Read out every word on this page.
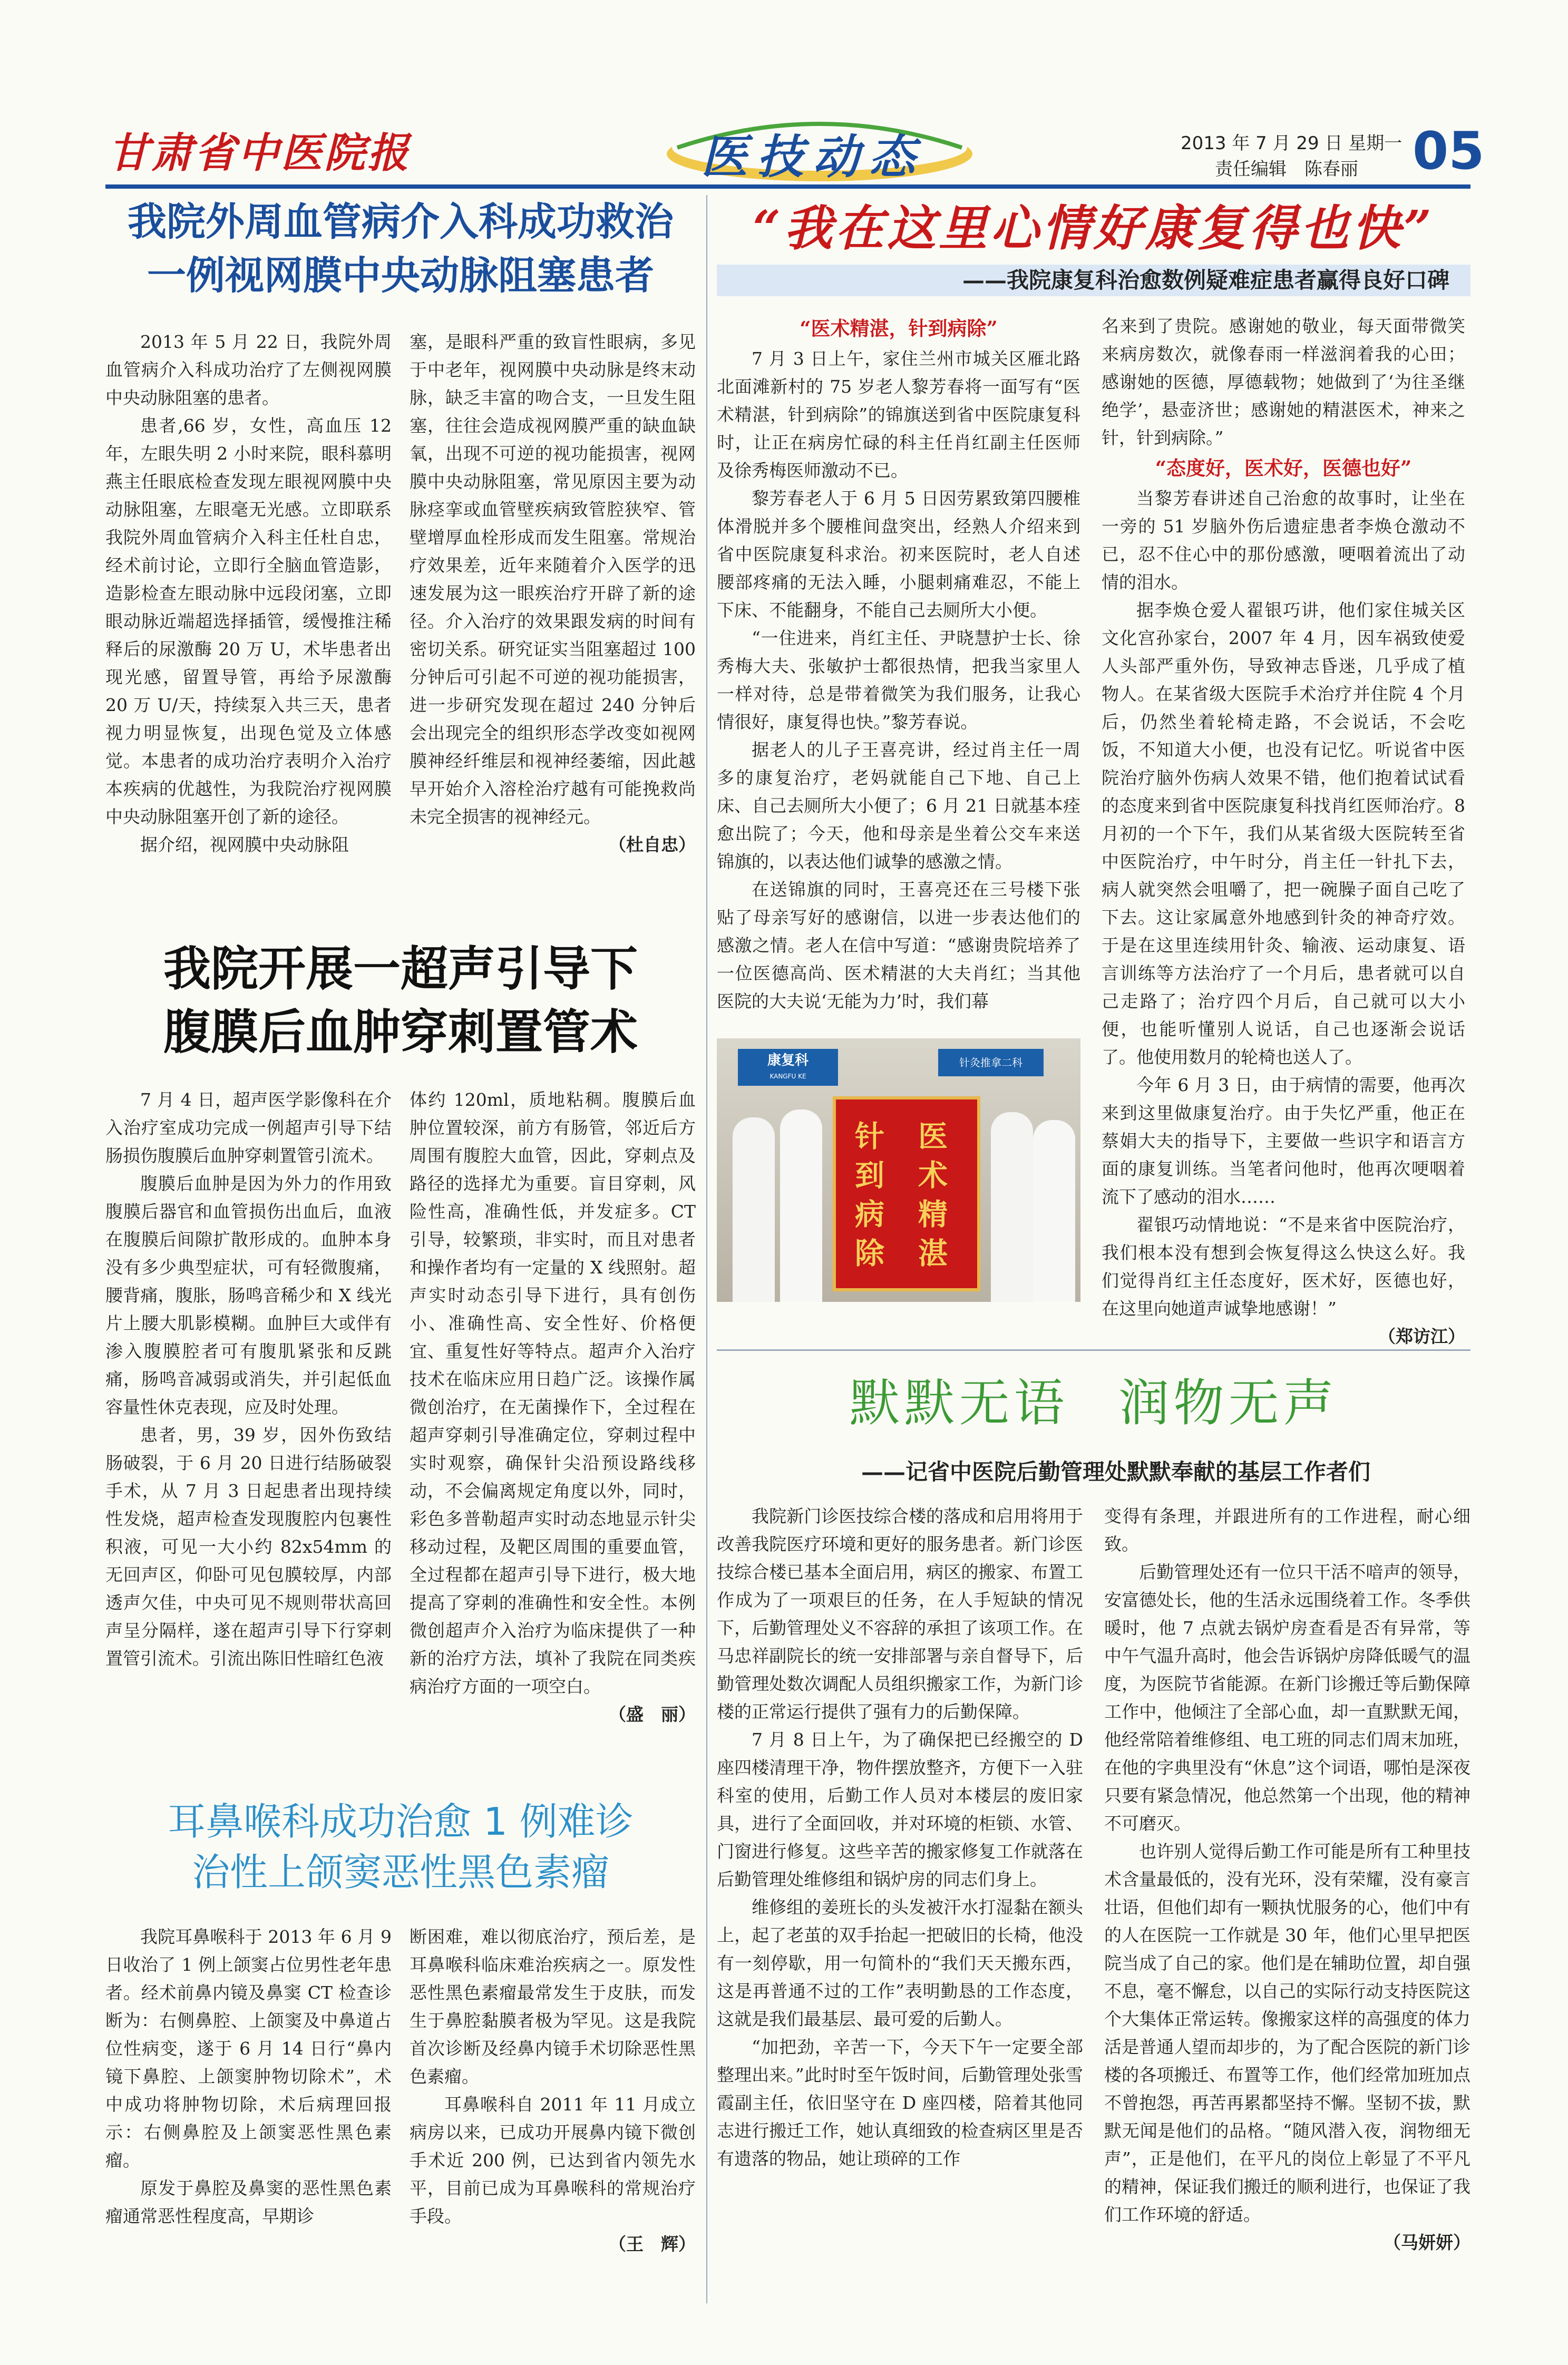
甘肃省中医院报	医技动态	2013 年 7 月 29 日 星期一
责任编辑　陈春丽 05
我院外周血管病介入科成功救治
一例视网膜中央动脉阻塞患者

2013 年 5 月 22 日，我院外周血管病介入科成功治疗了左侧视网膜中央动脉阻塞的患者。

患者,66 岁，女性，高血压 12 年，左眼失明 2 小时来院，眼科慕明燕主任眼底检查发现左眼视网膜中央动脉阻塞，左眼毫无光感。立即联系我院外周血管病介入科主任杜自忠，经术前讨论，立即行全脑血管造影，造影检查左眼动脉中远段闭塞，立即眼动脉近端超选择插管，缓慢推注稀释后的尿激酶 20 万 U，术毕患者出现光感，留置导管，再给予尿激酶 20 万 U/天，持续泵入共三天，患者视力明显恢复，出现色觉及立体感觉。本患者的成功治疗表明介入治疗本疾病的优越性，为我院治疗视网膜中央动脉阻塞开创了新的途径。

据介绍，视网膜中央动脉阻

塞，是眼科严重的致盲性眼病，多见于中老年，视网膜中央动脉是终末动脉，缺乏丰富的吻合支，一旦发生阻塞，往往会造成视网膜严重的缺血缺氧，出现不可逆的视功能损害，视网膜中央动脉阻塞，常见原因主要为动脉痉挛或血管壁疾病致管腔狭窄、管壁增厚血栓形成而发生阻塞。常规治疗效果差，近年来随着介入医学的迅速发展为这一眼疾治疗开辟了新的途径。介入治疗的效果跟发病的时间有密切关系。研究证实当阻塞超过 100 分钟后可引起不可逆的视功能损害，进一步研究发现在超过 240 分钟后会出现完全的组织形态学改变如视网膜神经纤维层和视神经萎缩，因此越早开始介入溶栓治疗越有可能挽救尚未完全损害的视神经元。

（杜自忠）

我院开展一超声引导下
腹膜后血肿穿刺置管术

7 月 4 日，超声医学影像科在介入治疗室成功完成一例超声引导下结肠损伤腹膜后血肿穿刺置管引流术。

腹膜后血肿是因为外力的作用致腹膜后器官和血管损伤出血后，血液在腹膜后间隙扩散形成的。血肿本身没有多少典型症状，可有轻微腹痛，腰背痛，腹胀，肠鸣音稀少和 X 线光片上腰大肌影模糊。血肿巨大或伴有渗入腹膜腔者可有腹肌紧张和反跳痛，肠鸣音减弱或消失，并引起低血容量性休克表现，应及时处理。

患者，男，39 岁，因外伤致结肠破裂，于 6 月 20 日进行结肠破裂手术，从 7 月 3 日起患者出现持续性发烧，超声检查发现腹腔内包裹性积液，可见一大小约 82x54mm 的无回声区，仰卧可见包膜较厚，内部透声欠佳，中央可见不规则带状高回声呈分隔样，遂在超声引导下行穿刺置管引流术。引流出陈旧性暗红色液

体约 120ml，质地粘稠。腹膜后血肿位置较深，前方有肠管，邻近后方周围有腹腔大血管，因此，穿刺点及路径的选择尤为重要。盲目穿刺，风险性高，准确性低，并发症多。CT 引导，较繁琐，非实时，而且对患者和操作者均有一定量的 X 线照射。超声实时动态引导下进行，具有创伤小、准确性高、安全性好、价格便宜、重复性好等特点。超声介入治疗技术在临床应用日趋广泛。该操作属微创治疗，在无菌操作下，全过程在超声穿刺引导准确定位，穿刺过程中实时观察，确保针尖沿预设路线移动，不会偏离规定角度以外，同时，彩色多普勒超声实时动态地显示针尖移动过程，及靶区周围的重要血管，全过程都在超声引导下进行，极大地提高了穿刺的准确性和安全性。本例微创超声介入治疗为临床提供了一种新的治疗方法，填补了我院在同类疾病治疗方面的一项空白。

（盛　丽）

耳鼻喉科成功治愈 1 例难诊
治性上颌窦恶性黑色素瘤

我院耳鼻喉科于 2013 年 6 月 9 日收治了 1 例上颌窦占位男性老年患者。经术前鼻内镜及鼻窦 CT 检查诊断为：右侧鼻腔、上颌窦及中鼻道占位性病变，遂于 6 月 14 日行“鼻内镜下鼻腔、上颌窦肿物切除术”，术中成功将肿物切除，术后病理回报示：右侧鼻腔及上颌窦恶性黑色素瘤。

原发于鼻腔及鼻窦的恶性黑色素瘤通常恶性程度高，早期诊

断困难，难以彻底治疗，预后差，是耳鼻喉科临床难治疾病之一。原发性恶性黑色素瘤最常发生于皮肤，而发生于鼻腔黏膜者极为罕见。这是我院首次诊断及经鼻内镜手术切除恶性黑色素瘤。

耳鼻喉科自 2011 年 11 月成立病房以来，已成功开展鼻内镜下微创手术近 200 例，已达到省内领先水平，目前已成为耳鼻喉科的常规治疗手段。

（王　辉）

“我在这里心情好康复得也快”
——我院康复科治愈数例疑难症患者赢得良好口碑

“医术精湛，针到病除”

7 月 3 日上午，家住兰州市城关区雁北路北面滩新村的 75 岁老人黎芳春将一面写有“医术精湛，针到病除”的锦旗送到省中医院康复科时，让正在病房忙碌的科主任肖红副主任医师及徐秀梅医师激动不已。

黎芳春老人于 6 月 5 日因劳累致第四腰椎体滑脱并多个腰椎间盘突出，经熟人介绍来到省中医院康复科求治。初来医院时，老人自述腰部疼痛的无法入睡，小腿刺痛难忍，不能上下床、不能翻身，不能自己去厕所大小便。

“一住进来，肖红主任、尹晓慧护士长、徐秀梅大夫、张敏护士都很热情，把我当家里人一样对待，总是带着微笑为我们服务，让我心情很好，康复得也快。”黎芳春说。

据老人的儿子王喜亮讲，经过肖主任一周多的康复治疗，老妈就能自己下地、自己上床、自己去厕所大小便了；6 月 21 日就基本痊愈出院了；今天，他和母亲是坐着公交车来送锦旗的，以表达他们诚挚的感激之情。

在送锦旗的同时，王喜亮还在三号楼下张贴了母亲写好的感谢信，以进一步表达他们的感激之情。老人在信中写道：“感谢贵院培养了一位医德高尚、医术精湛的大夫肖红；当其他医院的大夫说‘无能为力’时，我们幕

康复科
KANGFU KE
针灸推拿二科
针到病除 医术精湛

名来到了贵院。感谢她的敬业，每天面带微笑来病房数次，就像春雨一样滋润着我的心田；感谢她的医德，厚德载物；她做到了‘为往圣继绝学’，悬壶济世；感谢她的精湛医术，神来之针，针到病除。”

“态度好，医术好，医德也好”

当黎芳春讲述自己治愈的故事时，让坐在一旁的 51 岁脑外伤后遗症患者李焕仓激动不已，忍不住心中的那份感激，哽咽着流出了动情的泪水。

据李焕仓爱人翟银巧讲，他们家住城关区文化宫孙家台，2007 年 4 月，因车祸致使爱人头部严重外伤，导致神志昏迷，几乎成了植物人。在某省级大医院手术治疗并住院 4 个月后，仍然坐着轮椅走路，不会说话，不会吃饭，不知道大小便，也没有记忆。听说省中医院治疗脑外伤病人效果不错，他们抱着试试看的态度来到省中医院康复科找肖红医师治疗。8 月初的一个下午，我们从某省级大医院转至省中医院治疗，中午时分，肖主任一针扎下去，病人就突然会咀嚼了，把一碗臊子面自己吃了下去。这让家属意外地感到针灸的神奇疗效。于是在这里连续用针灸、输液、运动康复、语言训练等方法治疗了一个月后，患者就可以自己走路了；治疗四个月后，自己就可以大小便，也能听懂别人说话，自己也逐渐会说话了。他使用数月的轮椅也送人了。

今年 6 月 3 日，由于病情的需要，他再次来到这里做康复治疗。由于失忆严重，他正在蔡娟大夫的指导下，主要做一些识字和语言方面的康复训练。当笔者问他时，他再次哽咽着流下了感动的泪水……

翟银巧动情地说：“不是来省中医院治疗，我们根本没有想到会恢复得这么快这么好。我们觉得肖红主任态度好，医术好，医德也好，在这里向她道声诚挚地感谢！”

（郑访江）

默默无语 润物无声
——记省中医院后勤管理处默默奉献的基层工作者们

我院新门诊医技综合楼的落成和启用将用于改善我院医疗环境和更好的服务患者。新门诊医技综合楼已基本全面启用，病区的搬家、布置工作成为了一项艰巨的任务，在人手短缺的情况下，后勤管理处义不容辞的承担了该项工作。在马忠祥副院长的统一安排部署与亲自督导下，后勤管理处数次调配人员组织搬家工作，为新门诊楼的正常运行提供了强有力的后勤保障。

7 月 8 日上午，为了确保把已经搬空的 D 座四楼清理干净，物件摆放整齐，方便下一入驻科室的使用，后勤工作人员对本楼层的废旧家具，进行了全面回收，并对环境的柜锁、水管、门窗进行修复。这些辛苦的搬家修复工作就落在后勤管理处维修组和锅炉房的同志们身上。

维修组的姜班长的头发被汗水打湿黏在额头上，起了老茧的双手抬起一把破旧的长椅，他没有一刻停歇，用一句简朴的“我们天天搬东西，这是再普通不过的工作”表明勤恳的工作态度，这就是我们最基层、最可爱的后勤人。

“加把劲，辛苦一下，今天下午一定要全部整理出来。”此时时至午饭时间，后勤管理处张雪霞副主任，依旧坚守在 D 座四楼，陪着其他同志进行搬迁工作，她认真细致的检查病区里是否有遗落的物品，她让琐碎的工作

变得有条理，并跟进所有的工作进程，耐心细致。

后勤管理处还有一位只干活不喑声的领导，安富德处长，他的生活永远围绕着工作。冬季供暖时，他 7 点就去锅炉房查看是否有异常，等中午气温升高时，他会告诉锅炉房降低暖气的温度，为医院节省能源。在新门诊搬迁等后勤保障工作中，他倾注了全部心血，却一直默默无闻，他经常陪着维修组、电工班的同志们周末加班，在他的字典里没有“休息”这个词语，哪怕是深夜只要有紧急情况，他总然第一个出现，他的精神不可磨灭。

也许别人觉得后勤工作可能是所有工种里技术含量最低的，没有光环，没有荣耀，没有豪言壮语，但他们却有一颗执忧服务的心，他们中有的人在医院一工作就是 30 年，他们心里早把医院当成了自己的家。他们是在辅助位置，却自强不息，毫不懈怠，以自己的实际行动支持医院这个大集体正常运转。像搬家这样的高强度的体力活是普通人望而却步的，为了配合医院的新门诊楼的各项搬迁、布置等工作，他们经常加班加点不曾抱怨，再苦再累都坚持不懈。坚韧不拔，默默无闻是他们的品格。“随风潜入夜，润物细无声”，正是他们，在平凡的岗位上彰显了不平凡的精神，保证我们搬迁的顺利进行，也保证了我们工作环境的舒适。

（马妍妍）
